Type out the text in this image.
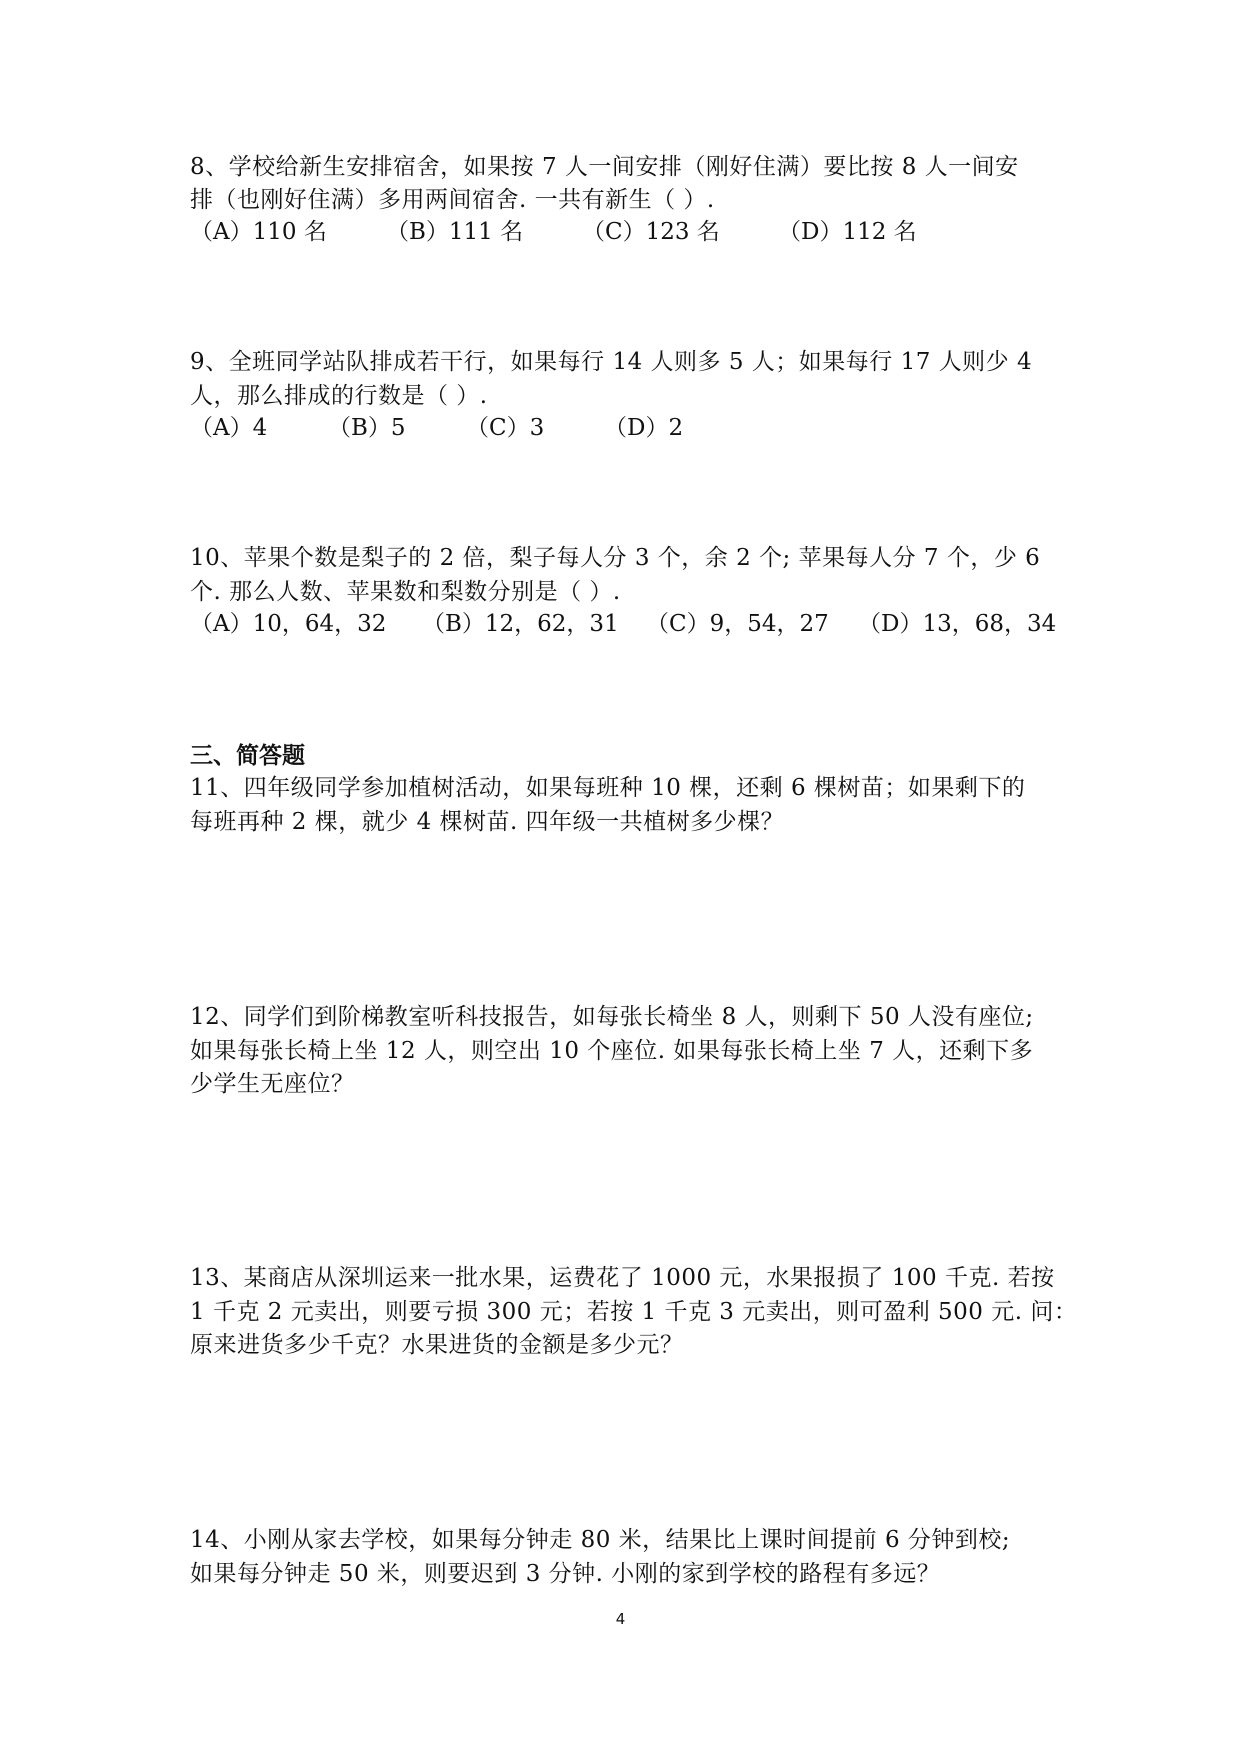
8、学校给新生安排宿舍，如果按 7 人一间安排（刚好住满）要比按 8 人一间安
排（也刚好住满）多用两间宿舍. 一共有新生（ ）.
（A）110 名	（B）111 名	（C）123 名	（D）112 名
9、全班同学站队排成若干行，如果每行 14 人则多 5 人；如果每行 17 人则少 4
人，那么排成的行数是（ ）.
（A）4	（B）5	（C）3	（D）2
10、苹果个数是梨子的 2 倍，梨子每人分 3 个，余 2 个; 苹果每人分 7 个，少 6
个. 那么人数、苹果数和梨数分别是（ ）.
（A）10，64，32 （B）12，62，31 （C）9，54，27 （D）13，68，34
三、简答题
11、四年级同学参加植树活动，如果每班种 10 棵，还剩 6 棵树苗；如果剩下的
每班再种 2 棵，就少 4 棵树苗. 四年级一共植树多少棵？
12、同学们到阶梯教室听科技报告，如每张长椅坐 8 人，则剩下 50 人没有座位;
如果每张长椅上坐 12 人，则空出 10 个座位. 如果每张长椅上坐 7 人，还剩下多
少学生无座位？
13、某商店从深圳运来一批水果，运费花了 1000 元，水果报损了 100 千克. 若按
1 千克 2 元卖出，则要亏损 300 元；若按 1 千克 3 元卖出，则可盈利 500 元. 问：
原来进货多少千克？水果进货的金额是多少元？
14、小刚从家去学校，如果每分钟走 80 米，结果比上课时间提前 6 分钟到校;
如果每分钟走 50 米，则要迟到 3 分钟. 小刚的家到学校的路程有多远？
4
